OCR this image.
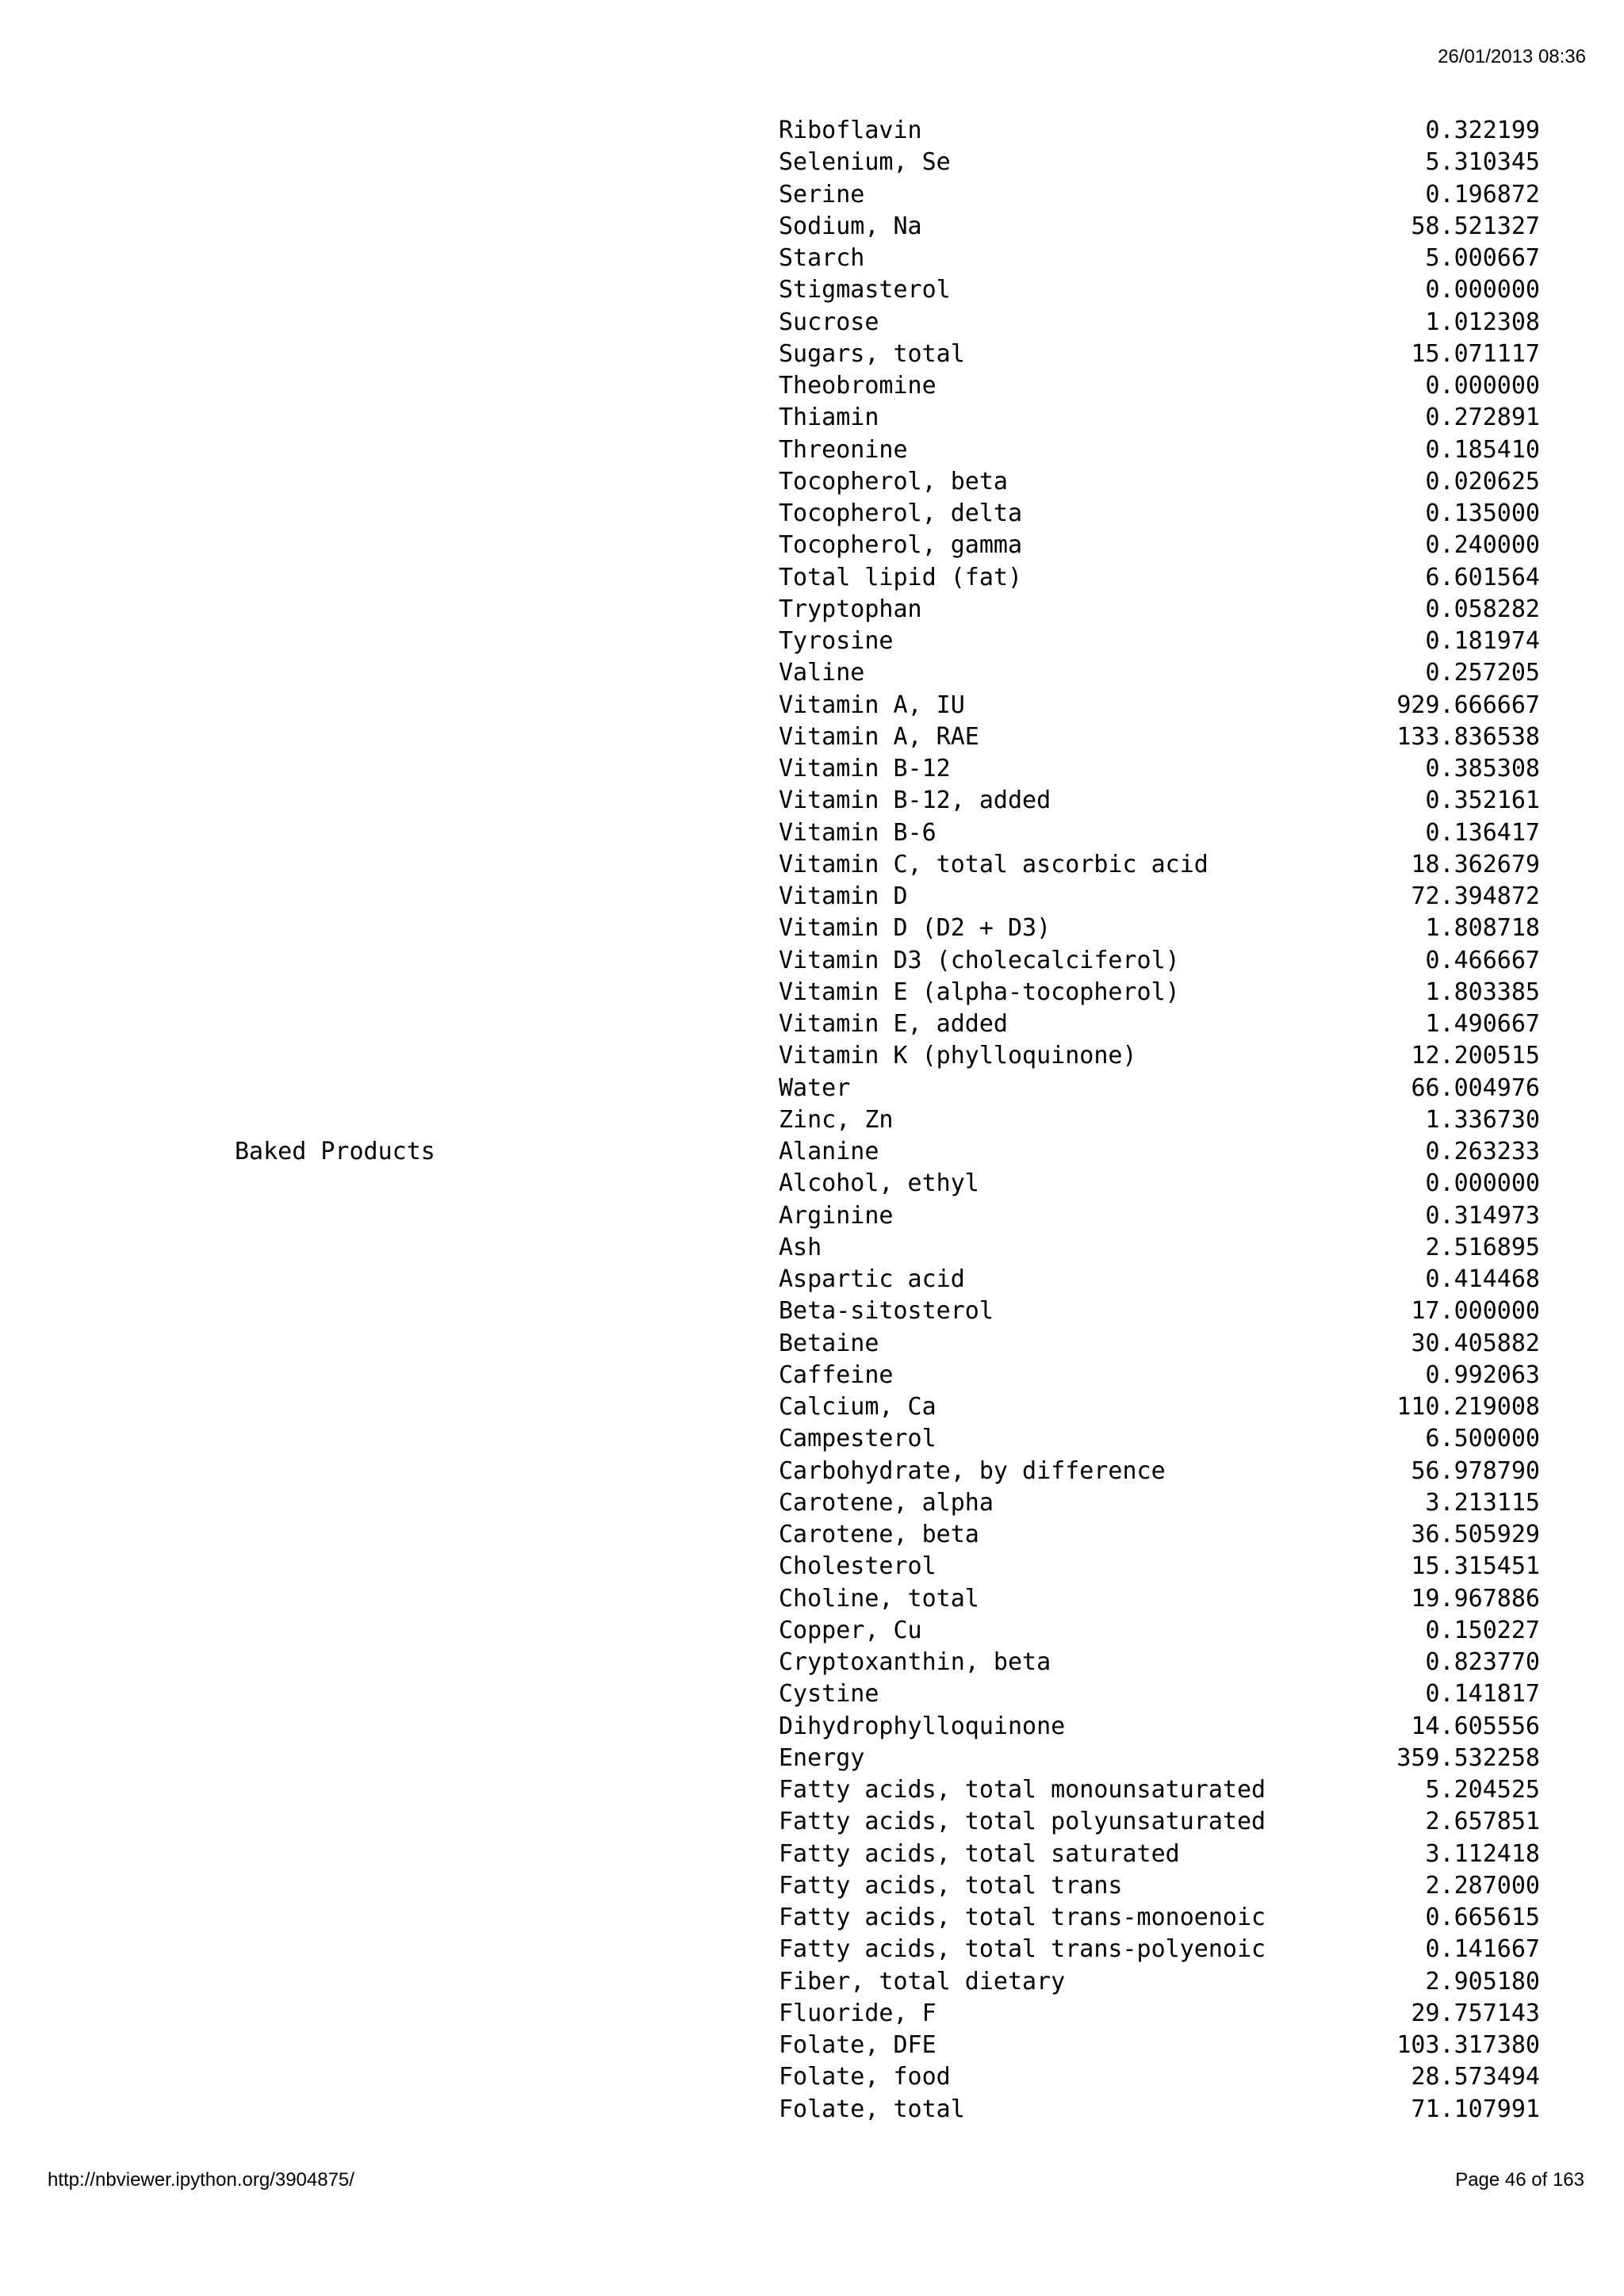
26/01/2013 08:36
Riboflavin	0.322199
Selenium, Se	5.310345
Serine	0.196872
Sodium, Na	58.521327
Starch	5.000667
Stigmasterol	0.000000
Sucrose	1.012308
Sugars, total	15.071117
Theobromine	0.000000
Thiamin	0.272891
Threonine	0.185410
Tocopherol, beta	0.020625
Tocopherol, delta	0.135000
Tocopherol, gamma	0.240000
Total lipid (fat)	6.601564
Tryptophan	0.058282
Tyrosine	0.181974
Valine	0.257205
Vitamin A, IU	929.666667
Vitamin A, RAE	133.836538
Vitamin B-12	0.385308
Vitamin B-12, added	0.352161
Vitamin B-6	0.136417
Vitamin C, total ascorbic acid	18.362679
Vitamin D	72.394872
Vitamin D (D2 + D3)	1.808718
Vitamin D3 (cholecalciferol)	0.466667
Vitamin E (alpha-tocopherol)	1.803385
Vitamin E, added	1.490667
Vitamin K (phylloquinone)	12.200515
Water	66.004976
Zinc, Zn	1.336730
Baked Products	Alanine	0.263233
Alcohol, ethyl	0.000000
Arginine	0.314973
Ash	2.516895
Aspartic acid	0.414468
Beta-sitosterol	17.000000
Betaine	30.405882
Caffeine	0.992063
Calcium, Ca	110.219008
Campesterol	6.500000
Carbohydrate, by difference	56.978790
Carotene, alpha	3.213115
Carotene, beta	36.505929
Cholesterol	15.315451
Choline, total	19.967886
Copper, Cu	0.150227
Cryptoxanthin, beta	0.823770
Cystine	0.141817
Dihydrophylloquinone	14.605556
Energy	359.532258
Fatty acids, total monounsaturated	5.204525
Fatty acids, total polyunsaturated	2.657851
Fatty acids, total saturated	3.112418
Fatty acids, total trans	2.287000
Fatty acids, total trans-monoenoic	0.665615
Fatty acids, total trans-polyenoic	0.141667
Fiber, total dietary	2.905180
Fluoride, F	29.757143
Folate, DFE	103.317380
Folate, food	28.573494
Folate, total	71.107991
http://nbviewer.ipython.org/3904875/	Page 46 of 163
